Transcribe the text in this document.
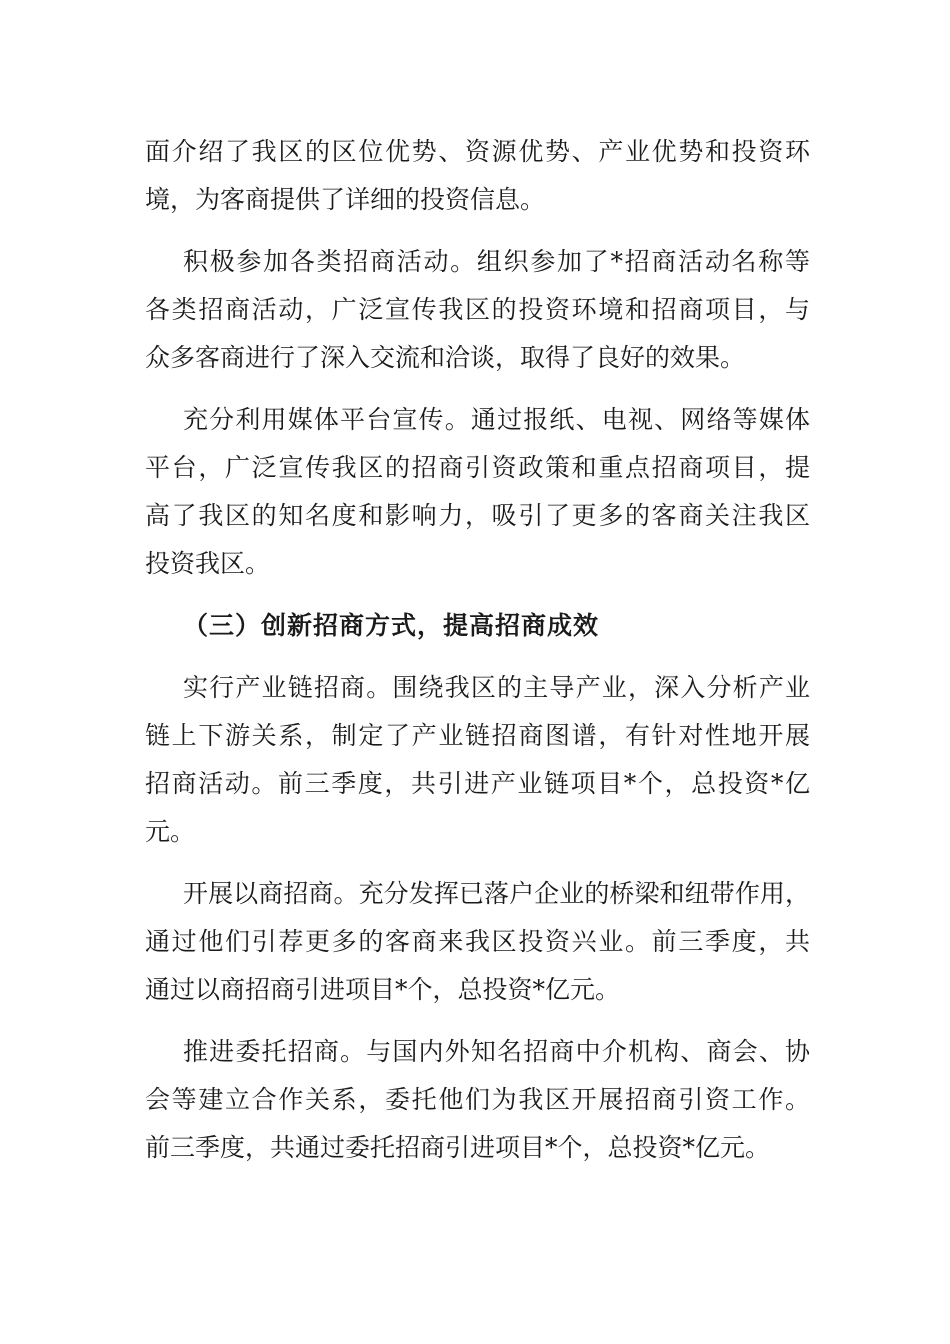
面介绍了我区的区位优势、资源优势、产业优势和投资环
境，为客商提供了详细的投资信息。
积极参加各类招商活动。组织参加了*招商活动名称等
各类招商活动，广泛宣传我区的投资环境和招商项目，与
众多客商进行了深入交流和洽谈，取得了良好的效果。
充分利用媒体平台宣传。通过报纸、电视、网络等媒体
平台，广泛宣传我区的招商引资政策和重点招商项目，提
高了我区的知名度和影响力，吸引了更多的客商关注我区
投资我区。
（三）创新招商方式，提高招商成效
实行产业链招商。围绕我区的主导产业，深入分析产业
链上下游关系，制定了产业链招商图谱，有针对性地开展
招商活动。前三季度，共引进产业链项目*个，总投资*亿
元。
开展以商招商。充分发挥已落户企业的桥梁和纽带作用，
通过他们引荐更多的客商来我区投资兴业。前三季度，共
通过以商招商引进项目*个，总投资*亿元。
推进委托招商。与国内外知名招商中介机构、商会、协
会等建立合作关系，委托他们为我区开展招商引资工作。
前三季度，共通过委托招商引进项目*个，总投资*亿元。
